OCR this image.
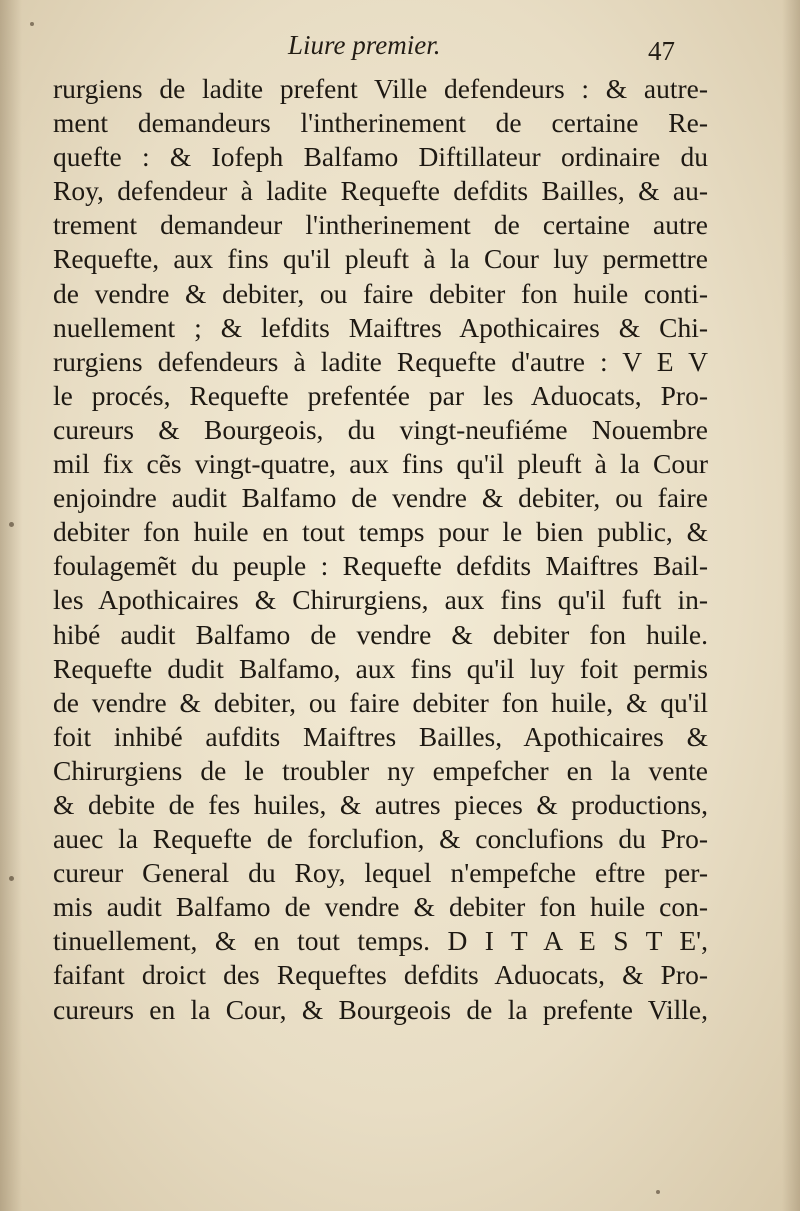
Liure premier.	47
rurgiens de ladite prefent Ville defendeurs : & autre-
ment demandeurs l'intherinement de certaine Re-
quefte : & Iofeph Balfamo Diftillateur ordinaire du
Roy, defendeur à ladite Requefte defdits Bailles, & au-
trement demandeur l'intherinement de certaine autre
Requefte, aux fins qu'il pleuft à la Cour luy permettre
de vendre & debiter, ou faire debiter fon huile conti-
nuellement ; & lefdits Maiftres Apothicaires & Chi-
rurgiens defendeurs à ladite Requefte d'autre : V E V
le procés, Requefte prefentée par les Aduocats, Pro-
cureurs & Bourgeois, du vingt-neufiéme Nouembre
mil fix cẽs vingt-quatre, aux fins qu'il pleuft à la Cour
enjoindre audit Balfamo de vendre & debiter, ou faire
debiter fon huile en tout temps pour le bien public, &
foulagemẽt du peuple : Requefte defdits Maiftres Bail-
les Apothicaires & Chirurgiens, aux fins qu'il fuft in-
hibé audit Balfamo de vendre & debiter fon huile.
Requefte dudit Balfamo, aux fins qu'il luy foit permis
de vendre & debiter, ou faire debiter fon huile, & qu'il
foit inhibé aufdits Maiftres Bailles, Apothicaires &
Chirurgiens de le troubler ny empefcher en la vente
& debite de fes huiles, & autres pieces & productions,
auec la Requefte de forclufion, & conclufions du Pro-
cureur General du Roy, lequel n'empefche eftre per-
mis audit Balfamo de vendre & debiter fon huile con-
tinuellement, & en tout temps. D I T A E S T E',
faifant droict des Requeftes defdits Aduocats, & Pro-
cureurs en la Cour, & Bourgeois de la prefente Ville,
